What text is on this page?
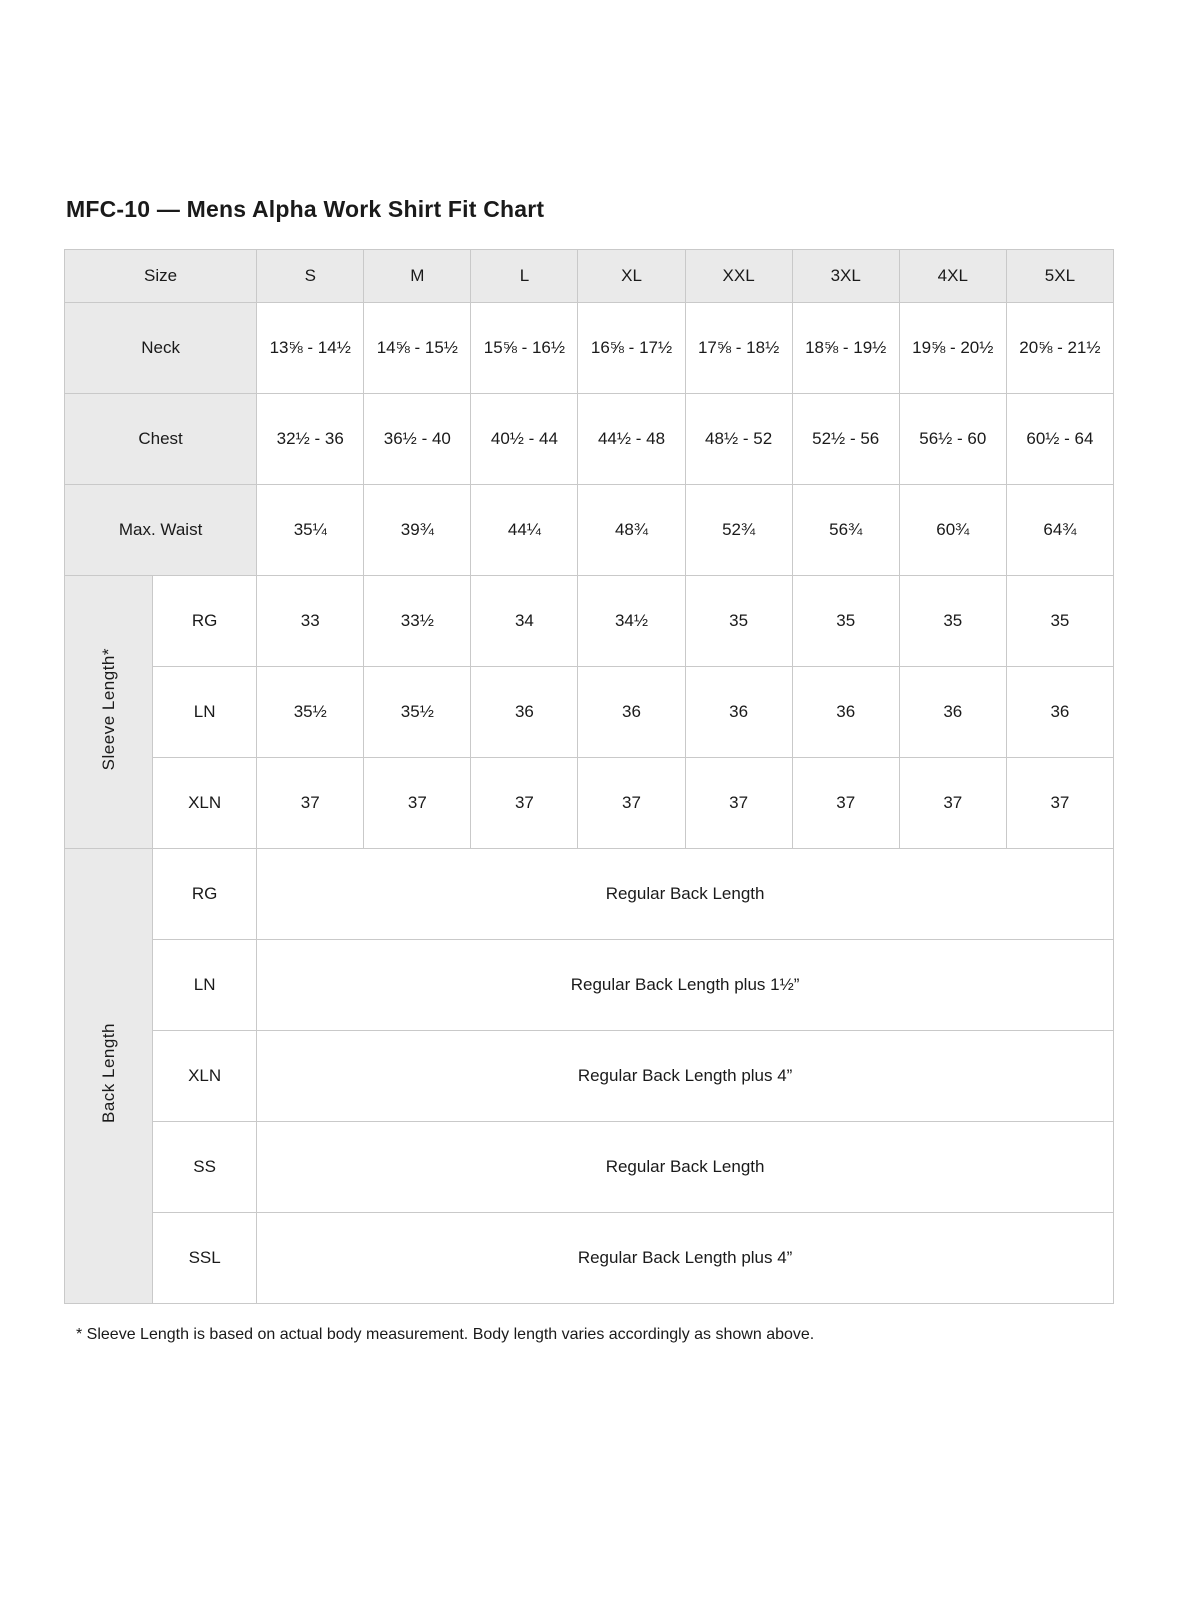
MFC-10 — Mens Alpha Work Shirt Fit Chart
Size		S	M	L	XL	XXL	3XL	4XL	5XL
Neck		13⅝ - 14½	14⅝ - 15½	15⅝ - 16½	16⅝ - 17½	17⅝ - 18½	18⅝ - 19½	19⅝ - 20½	20⅝ - 21½
Chest		32½ - 36	36½ - 40	40½ - 44	44½ - 48	48½ - 52	52½ - 56	56½ - 60	60½ - 64
Max. Waist		35¼	39¾	44¼	48¾	52¾	56¾	60¾	64¾
Sleeve Length*	RG	33	33½	34	34½	35	35	35	35
	LN	35½	35½	36	36	36	36	36	36
	XLN	37	37	37	37	37	37	37	37
Back Length	RG	Regular Back Length							
	LN	Regular Back Length plus 1½”							
	XLN	Regular Back Length plus 4”							
	SS	Regular Back Length							
	SSL	Regular Back Length plus 4”							
* Sleeve Length is based on actual body measurement. Body length varies accordingly as shown above.
